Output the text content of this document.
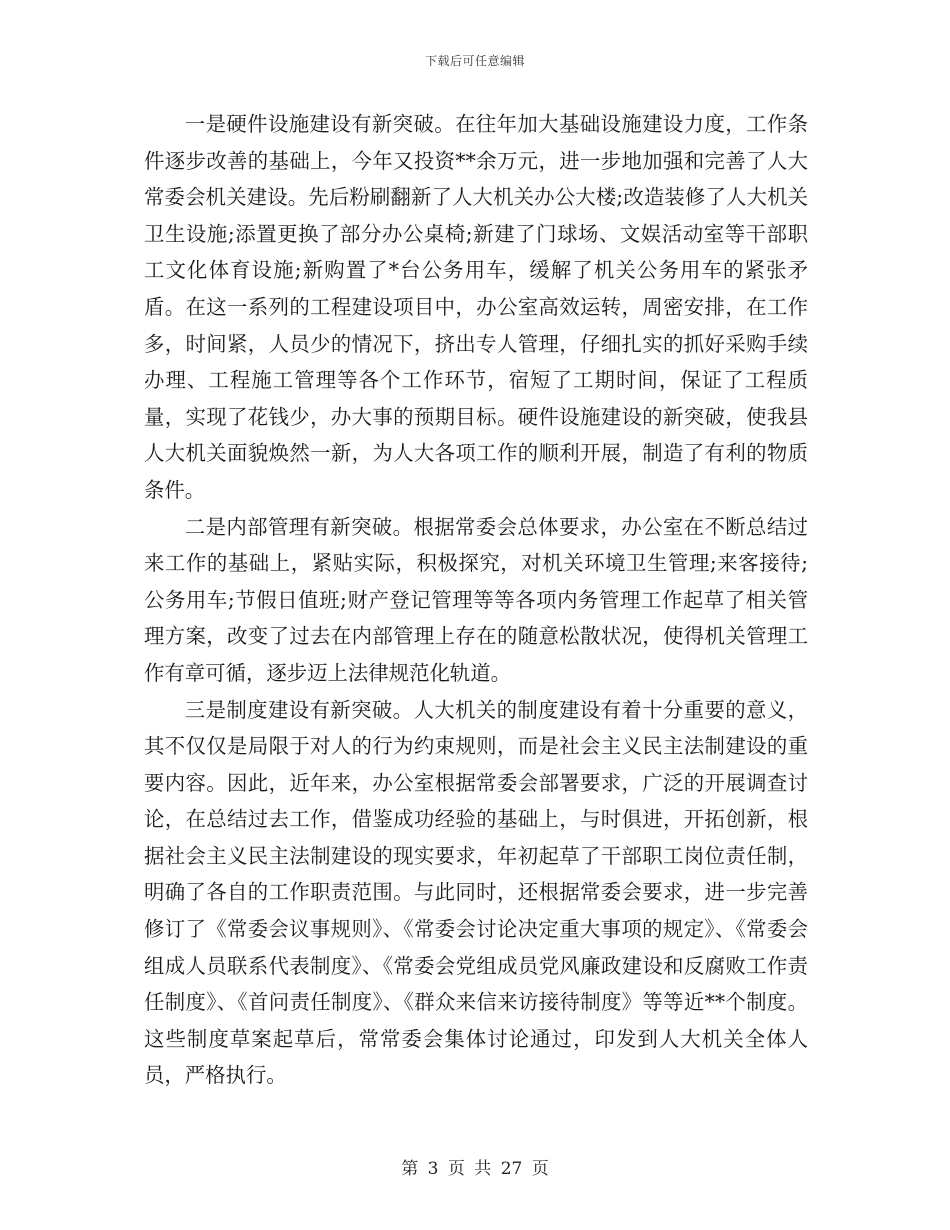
下载后可任意编辑

一是硬件设施建设有新突破。在往年加大基础设施建设力度，工作条件逐步改善的基础上，今年又投资**余万元，进一步地加强和完善了人大常委会机关建设。先后粉刷翻新了人大机关办公大楼;改造装修了人大机关卫生设施;添置更换了部分办公桌椅;新建了门球场、文娱活动室等干部职工文化体育设施;新购置了*台公务用车，缓解了机关公务用车的紧张矛盾。在这一系列的工程建设项目中，办公室高效运转，周密安排，在工作多，时间紧，人员少的情况下，挤出专人管理，仔细扎实的抓好采购手续办理、工程施工管理等各个工作环节，宿短了工期时间，保证了工程质量，实现了花钱少，办大事的预期目标。硬件设施建设的新突破，使我县人大机关面貌焕然一新，为人大各项工作的顺利开展，制造了有利的物质条件。

二是内部管理有新突破。根据常委会总体要求，办公室在不断总结过来工作的基础上，紧贴实际，积极探究，对机关环境卫生管理;来客接待;公务用车;节假日值班;财产登记管理等等各项内务管理工作起草了相关管理方案，改变了过去在内部管理上存在的随意松散状况，使得机关管理工作有章可循，逐步迈上法律规范化轨道。

三是制度建设有新突破。人大机关的制度建设有着十分重要的意义，其不仅仅是局限于对人的行为约束规则，而是社会主义民主法制建设的重要内容。因此，近年来，办公室根据常委会部署要求，广泛的开展调查讨论，在总结过去工作，借鉴成功经验的基础上，与时俱进，开拓创新，根据社会主义民主法制建设的现实要求，年初起草了干部职工岗位责任制，明确了各自的工作职责范围。与此同时，还根据常委会要求，进一步完善修订了《常委会议事规则》、《常委会讨论决定重大事项的规定》、《常委会组成人员联系代表制度》、《常委会党组成员党风廉政建设和反腐败工作责任制度》、《首问责任制度》、《群众来信来访接待制度》等等近**个制度。这些制度草案起草后，常常委会集体讨论通过，印发到人大机关全体人员，严格执行。

第 3 页 共 27 页
